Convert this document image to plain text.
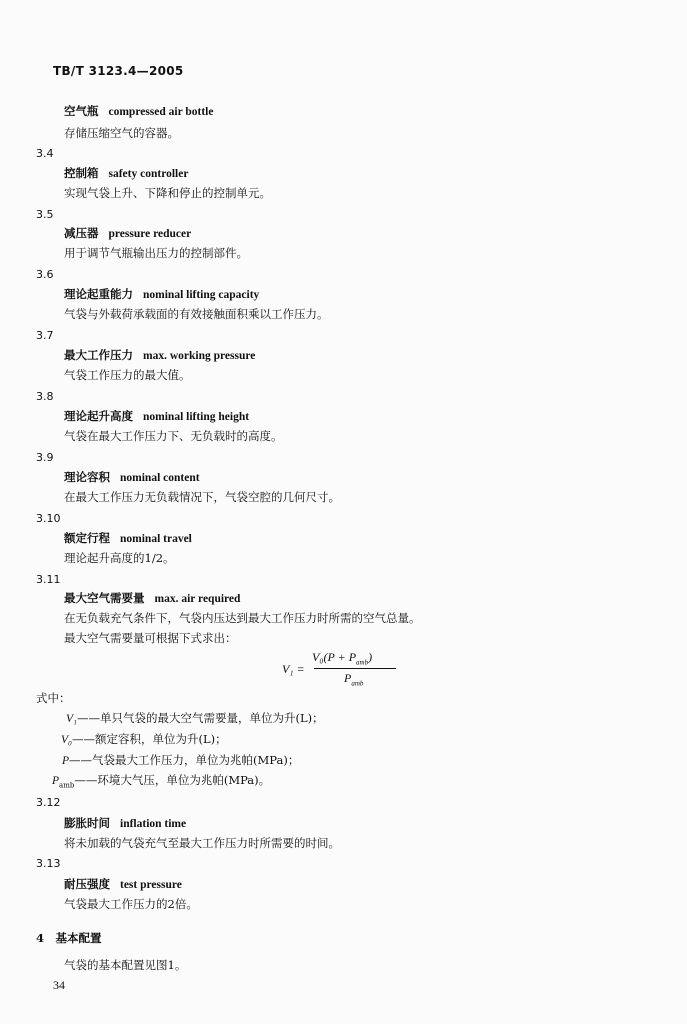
TB/T 3123.4—2005
空气瓶 compressed air bottle
存储压缩空气的容器。
3.4
控制箱 safety controller
实现气袋上升、下降和停止的控制单元。
3.5
减压器 pressure reducer
用于调节气瓶输出压力的控制部件。
3.6
理论起重能力 nominal lifting capacity
气袋与外载荷承载面的有效接触面积乘以工作压力。
3.7
最大工作压力 max. working pressure
气袋工作压力的最大值。
3.8
理论起升高度 nominal lifting height
气袋在最大工作压力下、无负载时的高度。
3.9
理论容积 nominal content
在最大工作压力无负载情况下，气袋空腔的几何尺寸。
3.10
额定行程 nominal travel
理论起升高度的1/2。
3.11
最大空气需要量 max. air required
在无负载充气条件下，气袋内压达到最大工作压力时所需的空气总量。
最大空气需要量可根据下式求出：
V₁ =
$V_0(P + P_{amb})$
$P_{amb}$
式中：
V₁——单只气袋的最大空气需要量，单位为升(L)；
V₀——额定容积，单位为升(L)；
P——气袋最大工作压力，单位为兆帕(MPa)；
$P_{amb}——$环境大气压，单位为兆帕(MPa)。
3.12
膨胀时间 inflation time
将未加载的气袋充气至最大工作压力时所需要的时间。
3.13
耐压强度 test pressure
气袋最大工作压力的2倍。
4　基本配置
气袋的基本配置见图1。
34
